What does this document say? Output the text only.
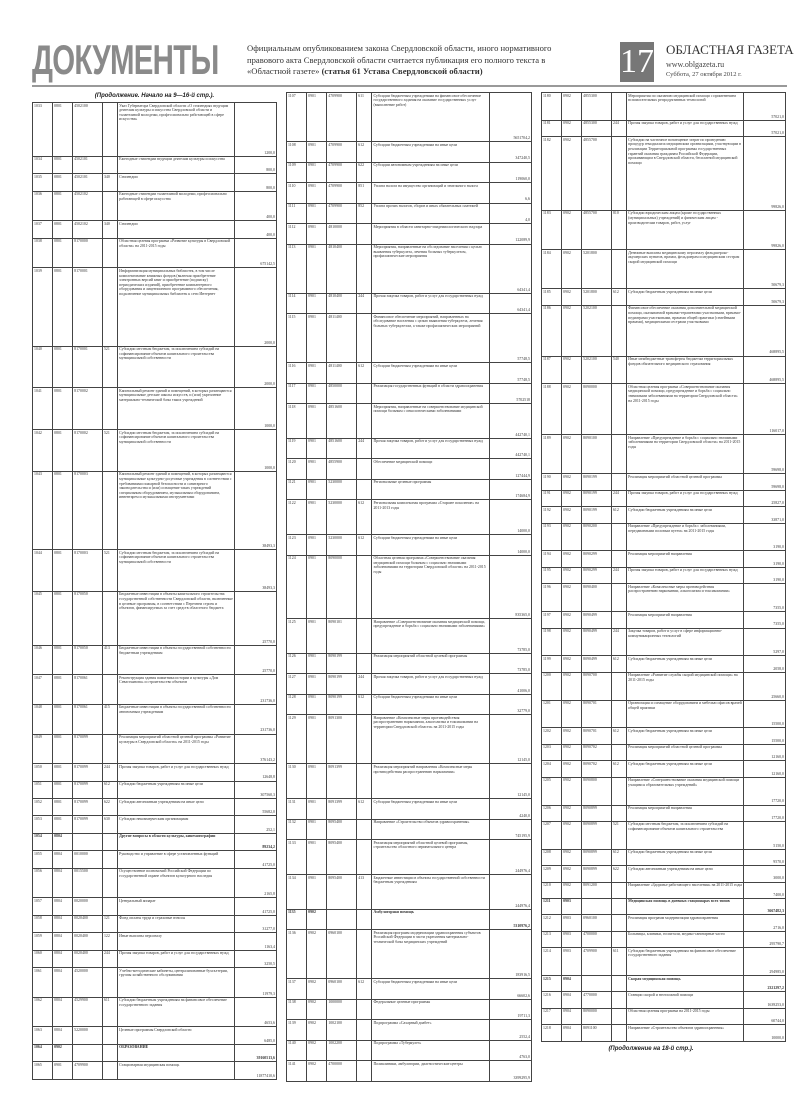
ДОКУМЕНТЫ	Официальным опубликованием закона Свердловской области, иного нормативного правового акта Свердловской области считается публикация его полного текста в «Областной газете» (статья 61 Устава Свердловской области)	17 ОБЛАСТНАЯ ГАЗЕТА
www.oblgazeta.ru
Суббота, 27 октября 2012 г.
(Продолжение. Начало на 9—16-й стр.).
1033	0801	4502100		Указ Губернатора Свердловской области «О стипендиях ведущим деятелям культуры и искусства Свердловской области и талантливой молодежи, профессионально работающей в сфере искусства»	1200,0
1034	0801	4502101		Ежегодные стипендии ведущим деятелям культуры и искусства	800,0
1035	0801	4502101	340	Стипендии	800,0
1036	0801	4502102		Ежегодные стипендии талантливой молодежи, профессионально работающей в сфере искусства	400,0
1037	0801	4502102	340	Стипендии	400,0
1038	0801	8170000		Областная целевая программа «Развитие культуры в Свердловской области» на 2011-2015 годы	675142,5
1039	0801	8170001		Информатизация муниципальных библиотек, в том числе комплектование книжных фондов (включая приобретение электронных версий книг и приобретение (подписку) периодических изданий), приобретение компьютерного оборудования и лицензионного программного обеспечения, подключение муниципальных библиотек к сети Интернет	2000,0
1040	0801	8170001	521	Субсидии местным бюджетам, за исключением субсидий на софинансирование объектов капитального строительства муниципальной собственности	2000,0
1041	0801	8170002		Капитальный ремонт зданий и помещений, в которых размещаются муниципальные детские школы искусств, и (или) укрепление материально-технической базы таких учреждений	1000,0
1042	0801	8170002	521	Субсидии местным бюджетам, за исключением субсидий на софинансирование объектов капитального строительства муниципальной собственности	1000,0
1043	0801	8170003		Капитальный ремонт зданий и помещений, в которых размещаются муниципальные культурно-досуговые учреждения в соответствии с требованиями пожарной безопасности и санитарного законодательства и (или) оснащение таких учреждений специальным оборудованием, музыкальным оборудованием, инвентарем и музыкальными инструментами	38493,3
1044	0801	8170003	521	Субсидии местным бюджетам, за исключением субсидий на софинансирование объектов капитального строительства муниципальной собственности	38493,3
1045	0801	8170050		Бюджетные инвестиции в объекты капитального строительства государственной собственности Свердловской области, включенные в целевые программы, в соответствии с Перечнем строек и объектов, финансируемых за счет средств областного бюджета	25770,0
1046	0801	8170050	413	Бюджетные инвестиции в объекты государственной собственности бюджетным учреждениям	25770,0
1047	0801	8170061		Реконструкция здания памятника истории и культуры «Дом Севастьянова» и строительство объектов	231736,0
1048	0801	8170061	415	Бюджетные инвестиции в объекты государственной собственности автономным учреждениям	231736,0
1049	0801	8170099		Реализация мероприятий областной целевой программы «Развитие культуры в Свердловской области» на 2011-2015 годы	376143,2
1050	0801	8170099	244	Прочая закупка товаров, работ и услуг для государственных нужд	12648,8
1051	0801	8170099	612	Субсидии бюджетным учреждениям на иные цели	307560,3
1052	0801	8170099	622	Субсидии автономным учреждениям на иные цели	55682,0
1053	0801	8170099	630	Субсидии некоммерческим организациям	252,1
1054	0804			Другие вопросы в области культуры, кинематографии	89234,2
1055	0804	0010000		Руководство и управление в сфере установленных функций	41725,0
1056	0804	0015500		Осуществление полномочий Российской Федерации по государственной охране объектов культурного наследия	2165,8
1057	0804	0020000		Центральный аппарат	41725,0
1058	0804	0020400	121	Фонд оплаты труда и страховые взносы	31277,0
1059	0804	0020400	122	Иные выплаты персоналу	1163,4
1060	0804	0020400	244	Прочая закупка товаров, работ и услуг для государственных нужд	3250,5
1061	0804	4520000		Учебно-методические кабинеты, централизованные бухгалтерии, группы хозяйственного обслуживания	11979,3
1062	0804	4529900	611	Субсидии бюджетным учреждениям на финансовое обеспечение государственного задания	4653,6
1063	0804	5220000		Целевые программы Свердловской области	6485,0
1064	0902			ОБРАЗОВАНИЕ	39160513,6
1065	0901	4709900		Стационарная медицинская помощь	11877410,6
1107	0901	4709900	611	Субсидии бюджетным учреждениям на финансовое обеспечение государственного задания на оказание государственных услуг (выполнение работ)	5651704,2
1108	0901	4709900	612	Субсидии бюджетным учреждениям на иные цели	347240,5
1109	0901	4709900	622	Субсидии автономным учреждениям на иные цели	119060,0
1110	0901	4709900	851	Уплата налога на имущество организаций и земельного налога	6,6
1111	0901	4709900	852	Уплата прочих налогов, сборов и иных обязательных платежей	4,0
1112	0901	4810000		Мероприятия в области санитарно-эпидемиологического надзора	122089,9
1113	0901	4810400		Мероприятия, направленные на обследование населения с целью выявления туберкулеза, лечения больных туберкулезом, профилактические мероприятия	64341,4
1114	0901	4810400	244	Прочая закупка товаров, работ и услуг для государственных нужд	64341,4
1115	0901	4811400		Финансовое обеспечение мероприятий, направленных на обследование населения с целью выявления туберкулеза, лечения больных туберкулезом, а также профилактических мероприятий	57748,5
1116	0901	4811400	612	Субсидии бюджетным учреждениям на иные цели	57748,5
1117	0901	4850000		Реализация государственных функций в области здравоохранения	5702518
1118	0901	4851600		Мероприятия, направленные на совершенствование медицинской помощи больным с онкологическими заболеваниями	442740,1
1119	0901	4851600	244	Прочая закупка товаров, работ и услуг для государственных нужд	442740,1
1120	0901	4855900		Обеспечение медицинской помощи	127444,9
1121	0901	5230000		Региональные целевые программы	174684,9
1122	0901	5230000	612	Региональная комплексная программа «Старшее поколение» на 2011-2013 годы	14000,0
1123	0901	5230000	612	Субсидии бюджетным учреждениям на иные цели	14000,0
1124	0901	8090000		Областная целевая программа «Совершенствование оказания медицинской помощи больным с социально значимыми заболеваниями на территории Свердловской области» на 2011-2015 годы	835365,0
1125	0901	8090101		Направление «Совершенствование оказания медицинской помощи, предупреждение и борьба с социально значимыми заболеваниями»	73785,0
1126	0901	8090199		Реализация мероприятий областной целевой программы	73785,0
1127	0901	8090199	244	Прочая закупка товаров, работ и услуг для государственных нужд	41006,0
1128	0901	8090199	612	Субсидии бюджетным учреждениям на иные цели	32779,0
1129	0901	8091300		Направление «Комплексные меры противодействия распространению наркомании, алкоголизма и токсикомании на территории Свердловской области» на 2011-2015 годы	12145,0
1130	0901	8091399		Реализация мероприятий направления «Комплексные меры противодействия распространению наркомании»	12145,0
1131	0901	8091399	612	Субсидии бюджетным учреждениям на иные цели	4240,0
1132	0901	8095400		Направление «Строительство объектов здравоохранения»	745195,9
1133	0901	8095400		Реализация мероприятий областной целевой программы, строительство областного перинатального центра	244976,4
1134	0901	8095400	413	Бюджетные инвестиции в объекты государственной собственности бюджетным учреждениям	244976,4
1135	0902			Амбулаторная помощь	5310976,2
1136	0902	0960100		Реализация программ модернизации здравоохранения субъектов Российской Федерации в части укрепления материально-технической базы медицинских учреждений	183916,5
1137	0902	0960100	612	Субсидии бюджетным учреждениям на иные цели	66602,6
1138	0902	1000000		Федеральные целевые программы	19711,3
1139	0902	1002100		Подпрограмма «Сахарный диабет»	2552,4
1140	0902	1002200		Подпрограмма «Туберкулез»	4763,0
1141	0902	4700000		Поликлиники, амбулатории, диагностические центры	3399295,9
1180	0902	4855300		Мероприятия по оказанию медицинской помощи с применением вспомогательных репродуктивных технологий	57021,0
1181	0902	4855300	244	Прочая закупка товаров, работ и услуг для государственных нужд	57021,0
1182	0902	4855700		Субсидии на частичное возмещение затрат по проведению процедур гемодиализа медицинским организациям, участвующим в реализации Территориальной программы государственных гарантий оказания гражданам Российской Федерации, проживающим в Свердловской области, бесплатной медицинской помощи	99826,0
1183	0902	4855700	810	Субсидии юридическим лицам (кроме государственных (муниципальных) учреждений) и физическим лицам - производителям товаров, работ, услуг	99826,0
1184	0902	5201800		Денежные выплаты медицинскому персоналу фельдшерско-акушерских пунктов, врачам, фельдшерам и медицинским сестрам скорой медицинской помощи	50679,3
1185	0902	5201800	612	Субсидии бюджетным учреждениям на иные цели	50679,3
1186	0902	5202100		Финансовое обеспечение оказания дополнительной медицинской помощи, оказываемой врачами-терапевтами участковыми, врачами-педиатрами участковыми, врачами общей практики (семейными врачами), медицинскими сестрами участковыми	468895,5
1187	0902	5202100	540	Иные межбюджетные трансферты бюджетам территориальных фондов обязательного медицинского страхования	468895,5
1188	0902	8090000		Областная целевая программа «Совершенствование оказания медицинской помощи, предупреждение и борьба с социально значимыми заболеваниями на территории Свердловской области» на 2011-2015 годы	116017,0
1189	0902	8090100		Направление «Предупреждение и борьба с социально значимыми заболеваниями на территории Свердловской области» на 2011-2015 годы	59698,0
1190	0902	8090199		Реализация мероприятий областной целевой программы	59698,0
1191	0902	8090199	244	Прочая закупка товаров, работ и услуг для государственных нужд	25827,0
1192	0902	8090199	612	Субсидии бюджетным учреждениям на иные цели	33871,0
1193	0902	8090200		Направление «Предупреждение и борьба с заболеваниями, передаваемыми половым путем» на 2011-2015 годы	3190,0
1194	0902	8090299		Реализация мероприятий направления	3190,0
1195	0902	8090299	244	Прочая закупка товаров, работ и услуг для государственных нужд	3190,0
1196	0902	8090400		Направление «Комплексные меры противодействия распространению наркомании, алкоголизма и токсикомании»	7355,0
1197	0902	8090499		Реализация мероприятий направления	7355,0
1198	0902	8090499	244	Закупка товаров, работ и услуг в сфере информационно-коммуникационных технологий	5297,0
1199	0902	8090499	612	Субсидии бюджетным учреждениям на иные цели	2058,0
1200	0902	8090700		Направление «Развитие службы скорой медицинской помощи» на 2011-2015 годы	25660,0
1201	0902	8090701		Организация и оснащение оборудованием и мебелью офисов врачей общей практики	15500,0
1202	0902	8090701	612	Субсидии бюджетным учреждениям на иные цели	15500,0
1203	0902	8090702		Реализация мероприятий областной целевой программы	12160,0
1204	0902	8090702	612	Субсидии бюджетным учреждениям на иные цели	12160,0
1205	0902	8090800		Направление «Совершенствование оказания медицинской помощи учащимся образовательных учреждений»	17720,0
1206	0902	8090899		Реализация мероприятий направления	17720,0
1207	0902	8090899	521	Субсидии местным бюджетам, за исключением субсидий на софинансирование объектов капитального строительства	5150,0
1208	0902	8090899	612	Субсидии бюджетным учреждениям на иные цели	9570,0
1209	0902	8090899	622	Субсидии автономным учреждениям на иные цели	3000,0
1210	0902	8091200		Направление «Здоровье работающего населения» на 2011-2015 годы	7400,0
1211	0903			Медицинская помощь в дневных стационарах всех типов	3667482,3
1212	0903	0960100		Реализация программ модернизации здравоохранения	2716,0
1213	0903	4700000		Больницы, клиники, госпитали, медико-санитарные части	295790,7
1214	0903	4709900	611	Субсидии бюджетным учреждениям на финансовое обеспечение государственного задания	294985,0
1215	0904			Скорая медицинская помощь	2321297,2
1216	0904	4770000		Станции скорой и неотложной помощи	1639253,0
1217	0904	8090000		Областная целевая программа на 2011-2015 годы	60744,0
1218	0904	8091100		Направление «Строительство объектов здравоохранения»	10000,0
(Продолжение на 18-й стр.).
